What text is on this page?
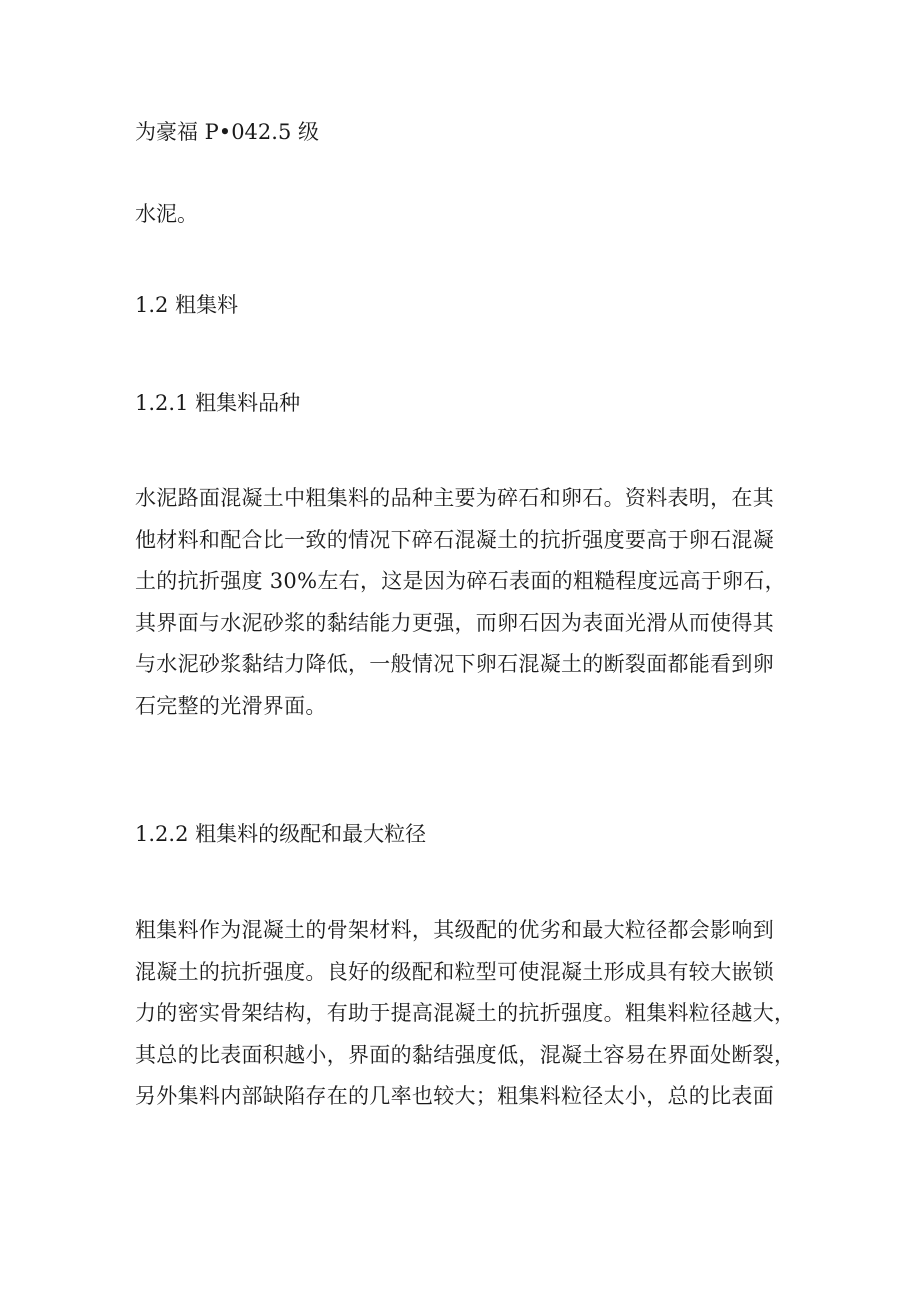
为豪福 P•042.5 级

水泥。

1.2 粗集料

1.2.1 粗集料品种

水泥路面混凝土中粗集料的品种主要为碎石和卵石。资料表明，在其
他材料和配合比一致的情况下碎石混凝土的抗折强度要高于卵石混凝
土的抗折强度 30%左右，这是因为碎石表面的粗糙程度远高于卵石，
其界面与水泥砂浆的黏结能力更强，而卵石因为表面光滑从而使得其
与水泥砂浆黏结力降低，一般情况下卵石混凝土的断裂面都能看到卵
石完整的光滑界面。

1.2.2 粗集料的级配和最大粒径

粗集料作为混凝土的骨架材料，其级配的优劣和最大粒径都会影响到
混凝土的抗折强度。良好的级配和粒型可使混凝土形成具有较大嵌锁
力的密实骨架结构，有助于提高混凝土的抗折强度。粗集料粒径越大，
其总的比表面积越小，界面的黏结强度低，混凝土容易在界面处断裂，
另外集料内部缺陷存在的几率也较大；粗集料粒径太小，总的比表面
